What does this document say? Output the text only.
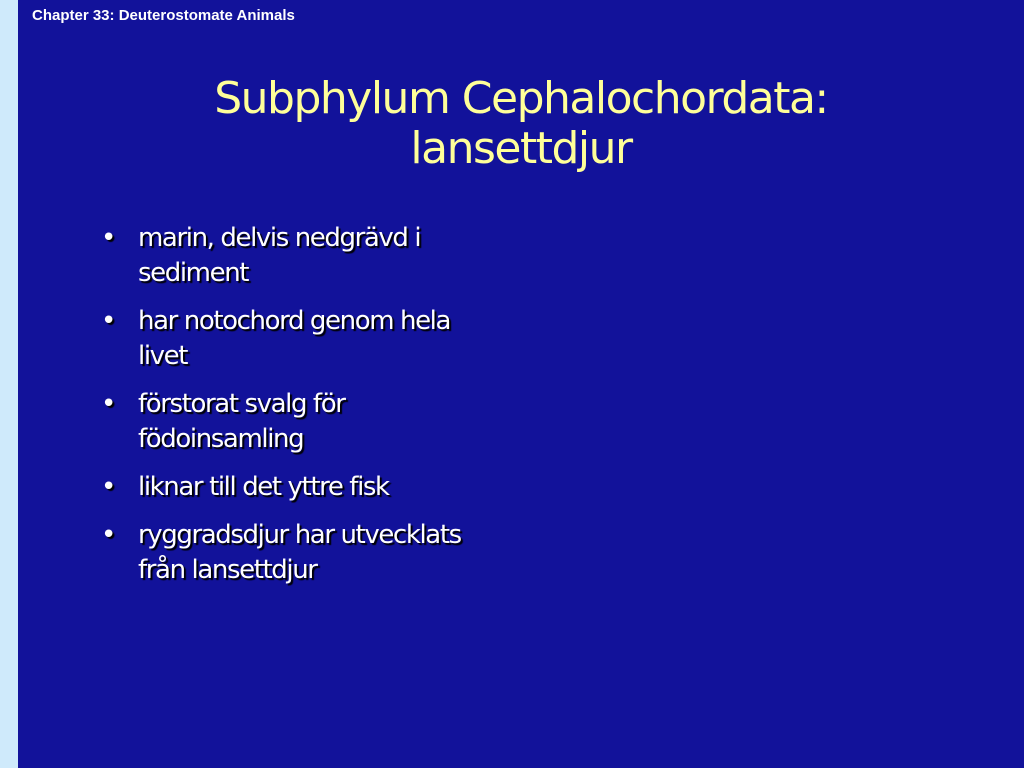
Chapter 33: Deuterostomate Animals
Subphylum Cephalochordata:
lansettdjur
• marin, delvis nedgrävd i sediment
• har notochord genom hela livet
• förstorat svalg för födoinsamling
• liknar till det yttre fisk
• ryggradsdjur har utvecklats från lansettdjur
